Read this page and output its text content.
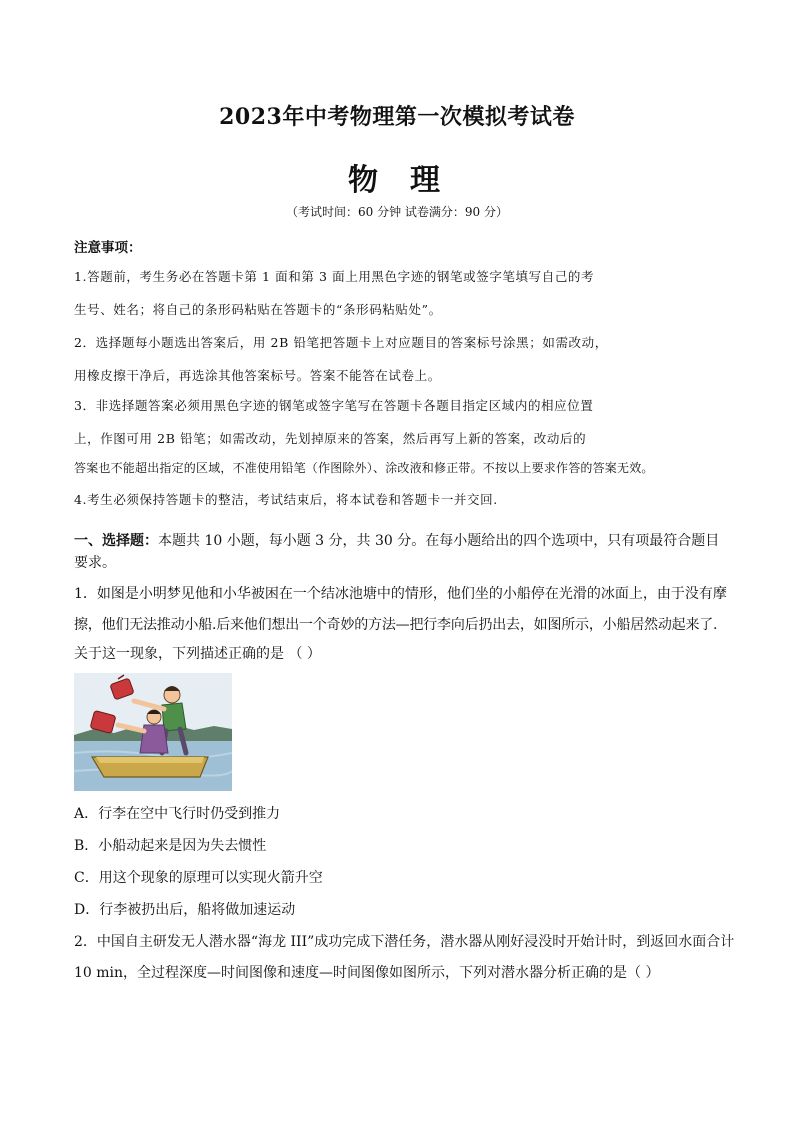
2023年中考物理第一次模拟考试卷
物 理
（考试时间：60 分钟 试卷满分：90 分）
注意事项：
1.答题前，考生务必在答题卡第 1 面和第 3 面上用黑色字迹的钢笔或签字笔填写自己的考
生号、姓名；将自己的条形码粘贴在答题卡的“条形码粘贴处”。
2．选择题每小题选出答案后，用 2B 铅笔把答题卡上对应题目的答案标号涂黑；如需改动，
用橡皮擦干净后，再选涂其他答案标号。答案不能答在试卷上。
3．非选择题答案必须用黑色字迹的钢笔或签字笔写在答题卡各题目指定区域内的相应位置
上，作图可用 2B 铅笔；如需改动，先划掉原来的答案，然后再写上新的答案，改动后的
答案也不能超出指定的区域，不准使用铅笔（作图除外）、涂改液和修正带。不按以上要求作答的答案无效。
4.考生必须保持答题卡的整洁，考试结束后，将本试卷和答题卡一并交回.
一、选择题：本题共 10 小题，每小题 3 分，共 30 分。在每小题给出的四个选项中，只有项最符合题目要求。
1．如图是小明梦见他和小华被困在一个结冰池塘中的情形，他们坐的小船停在光滑的冰面上，由于没有摩
擦，他们无法推动小船.后来他们想出一个奇妙的方法—把行李向后扔出去，如图所示，小船居然动起来了.
关于这一现象，下列描述正确的是 （ ）
A．行李在空中飞行时仍受到推力
B．小船动起来是因为失去惯性
C．用这个现象的原理可以实现火箭升空
D．行李被扔出后，船将做加速运动
2．中国自主研发无人潜水器“海龙 III”成功完成下潜任务，潜水器从刚好浸没时开始计时，到返回水面合计
10 min，全过程深度—时间图像和速度—时间图像如图所示，下列对潜水器分析正确的是（ ）
